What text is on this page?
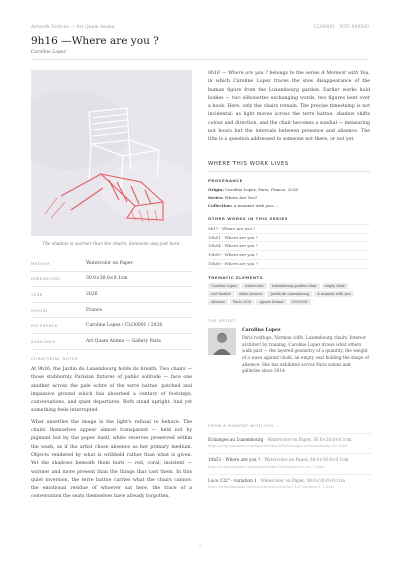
Artwork Notices — Art Quam Anima	CLO0001 · NTC-000500
9h16 —Where are you ?
Caroline Lopez
The shadow is warmer than the chairs. Someone was just here.
MEDIUM	Watercolor on Paper
DIMENSIONS	30.0×30.0×0.1cm
YEAR	2026
ORIGIN	France
REFERENCE	Caroline Lopez / CLO0001 / 2026
AVAILABLE	Art Quam Anima — Gallery Paris
CURATORIAL NOTES

At 9h16, the Jardin du Luxembourg holds its breath. Two chairs — those stubbornly Parisian fixtures of public solitude — face one another across the pale ochre of the terre battue, patched and impassive ground which has absorbed a century of footsteps, conversations, and quiet departures. Both stand upright. And yet something feels interrupted.

What unsettles the image is the light's refusal to behave. The chairs themselves appear almost transparent — held not by pigment but by the paper itself, white reserves preserved within the wash, as if the artist chose absence as her primary medium. Objects rendered by what is withheld rather than what is given. Yet the shadows beneath them burn — red, coral, insistent — warmer and more present than the things that cast them. In this quiet inversion, the terre battue carries what the chairs cannot: the emotional residue of whoever sat here, the trace of a conversation the seats themselves have already forgotten.

9h16 — Where are you ? belongs to the series A Moment with You, in which Caroline Lopez traces the slow disappearance of the human figure from the Luxembourg garden. Earlier works hold bodies — two silhouettes exchanging words, two figures bent over a book. Here, only the chairs remain. The precise timestamp is not incidental: as light moves across the terre battue, shadow shifts colour and direction, and the chair becomes a sundial — measuring not hours but the intervals between presence and absence. The title is a question addressed to someone not there, or not yet.

WHERE THIS WORK LIVES
PROVENANCE
Origin: Caroline Lopez, Paris, France, 2026
Series: Where Are You?
Collection: A moment with you....
OTHER WORKS IN THIS SERIES
9h17 - Where are you ?
10h51 - Where are you ?
10h54 - Where are you ?
10h55 - Where are you ?
10h56 - Where are you ?
THEMATIC ELEMENTS
Caroline Lopez	watercolor	Luxembourg garden chair	empty chair
red shadow	white reserve	Jardin du Luxembourg	A moment with you
absence	Paris 2026	square format	CLO0001
THE ARTIST
Caroline Lopez
Paris rooftops, Norman cliffs, Luxembourg chairs. Interior architect by training, Caroline Lopez draws what others walk past — the layered geometry of a quantity, the weight of a wave against chalk, an empty seat holding the shape of absence. She has exhibited across Paris salons and galleries since 2014.
FROM A MOMENT WITH YOU…
Échanges au Luxembourg · Watercolor on Paper, 30.0×30.0×0.1cm · https://artquamanima.com/en/artworks/2026/échanges-au-luxembourg_clo0.html
10h51 - Where are you ? · Watercolor on Paper, 30.0×30.0×0.1cm · https://artquamanima.com/en/artworks/2026/where-are-you_1.html
Luco 132° - variation 1 · Watercolor on Paper, 30.0×30.0×0.1cm · https://artquamanima.com/en/artworks/2026/luco-132-variation-1_1.html
1
